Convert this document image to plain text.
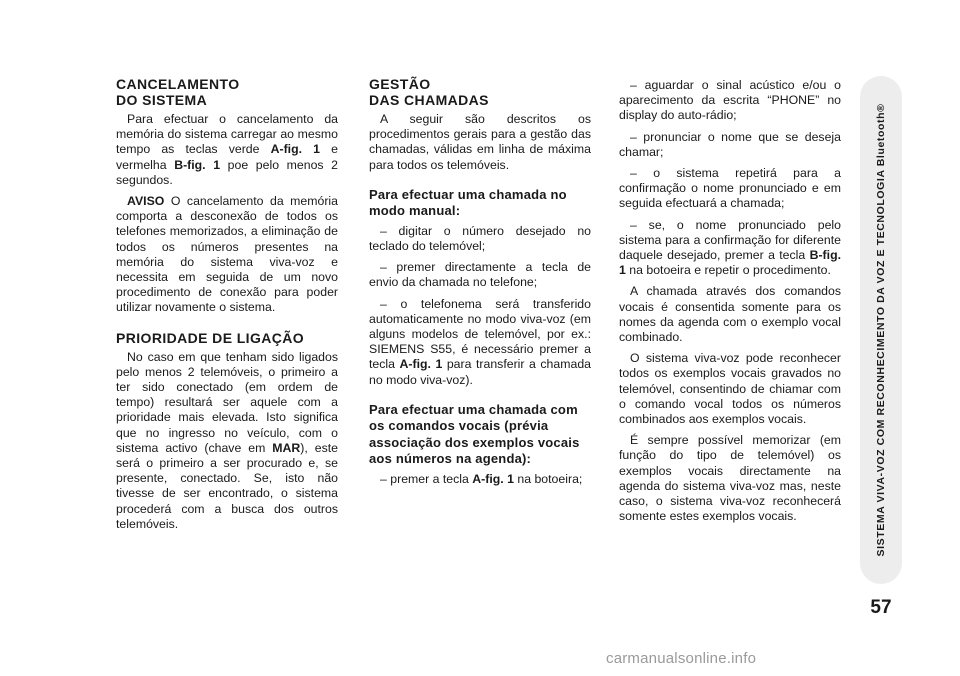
CANCELAMENTO
DO SISTEMA

Para efectuar o cancelamento da memória do sistema carregar ao mesmo tempo as teclas verde A-fig. 1 e vermelha B-fig. 1 poe pelo menos 2 segundos.

AVISO O cancelamento da memória comporta a desconexão de todos os telefones memorizados, a eliminação de todos os números presentes na memória do sistema viva-voz e necessita em seguida de um novo procedimento de conexão para poder utilizar novamente o sistema.

PRIORIDADE DE LIGAÇÃO

No caso em que tenham sido ligados pelo menos 2 telemóveis, o primeiro a ter sido conectado (em ordem de tempo) resultará ser aquele com a prioridade mais elevada. Isto significa que no ingresso no veículo, com o sistema activo (chave em MAR), este será o primeiro a ser procurado e, se presente, conectado. Se, isto não tivesse de ser encontrado, o sistema procederá com a busca dos outros telemóveis.

GESTÃO
DAS CHAMADAS

A seguir são descritos os procedimentos gerais para a gestão das chamadas, válidas em linha de máxima para todos os telemóveis.

Para efectuar uma chamada no modo manual:

– digitar o número desejado no teclado do telemóvel;

– premer directamente a tecla de envio da chamada no telefone;

– o telefonema será transferido automaticamente no modo viva-voz (em alguns modelos de telemóvel, por ex.: SIEMENS S55, é necessário premer a tecla A-fig. 1 para transferir a chamada no modo viva-voz).

Para efectuar uma chamada com os comandos vocais (prévia associação dos exemplos vocais aos números na agenda):

– premer a tecla A-fig. 1 na botoeira;

– aguardar o sinal acústico e/ou o aparecimento da escrita “PHONE” no display do auto-rádio;

– pronunciar o nome que se deseja chamar;

– o sistema repetirá para a confirmação o nome pronunciado e em seguida efectuará a chamada;

– se, o nome pronunciado pelo sistema para a confirmação for diferente daquele desejado, premer a tecla B-fig. 1 na botoeira e repetir o procedimento.

A chamada através dos comandos vocais é consentida somente para os nomes da agenda com o exemplo vocal combinado.

O sistema viva-voz pode reconhecer todos os exemplos vocais gravados no telemóvel, consentindo de chiamar com o comando vocal todos os números combinados aos exemplos vocais.

É sempre possível memorizar (em função do tipo de telemóvel) os exemplos vocais directamente na agenda do sistema viva-voz mas, neste caso, o sistema viva-voz reconhecerá somente estes exemplos vocais.	SISTEMA VIVA-VOZ COM RECONHECIMENTO DA VOZ E TECNOLOGIA Bluetooth®
57
carmanualsonline.info
